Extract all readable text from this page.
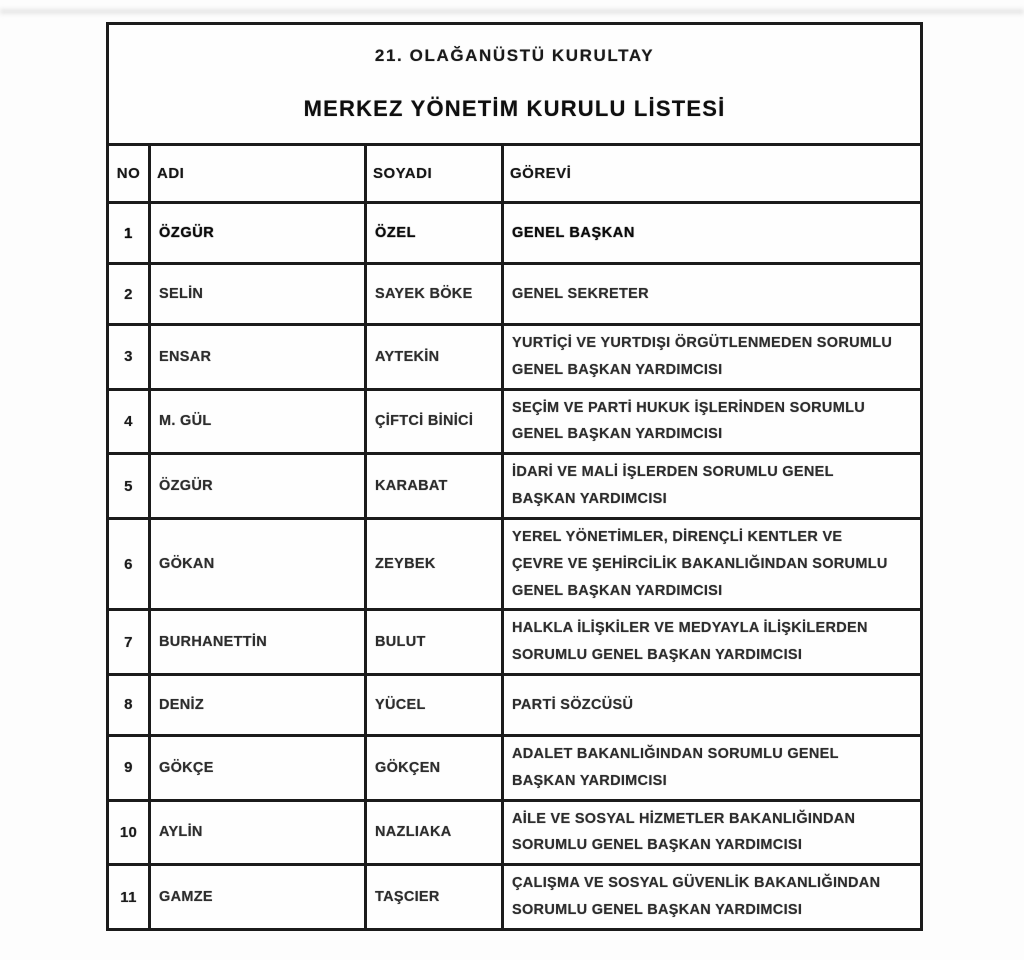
21. OLAĞANÜSTÜ KURULTAY
MERKEZ YÖNETİM KURULU LİSTESİ			

NO	ADI	SOYADI	GÖREVİ
1	ÖZGÜR	ÖZEL	GENEL BAŞKAN
2	SELİN	SAYEK BÖKE	GENEL SEKRETER
3	ENSAR	AYTEKİN	YURTİÇİ VE YURTDIŞI ÖRGÜTLENMEDEN SORUMLU GENEL BAŞKAN YARDIMCISI
4	M. GÜL	ÇİFTCİ BİNİCİ	SEÇİM VE PARTİ HUKUK İŞLERİNDEN SORUMLU GENEL BAŞKAN YARDIMCISI
5	ÖZGÜR	KARABAT	İDARİ VE MALİ İŞLERDEN SORUMLU GENEL BAŞKAN YARDIMCISI
6	GÖKAN	ZEYBEK	YEREL YÖNETİMLER, DİRENÇLİ KENTLER VE ÇEVRE VE ŞEHİRCİLİK BAKANLIĞINDAN SORUMLU GENEL BAŞKAN YARDIMCISI
7	BURHANETTİN	BULUT	HALKLA İLİŞKİLER VE MEDYAYLA İLİŞKİLERDEN SORUMLU GENEL BAŞKAN YARDIMCISI
8	DENİZ	YÜCEL	PARTİ SÖZCÜSÜ
9	GÖKÇE	GÖKÇEN	ADALET BAKANLIĞINDAN SORUMLU GENEL BAŞKAN YARDIMCISI
10	AYLİN	NAZLIAKA	AİLE VE SOSYAL HİZMETLER BAKANLIĞINDAN SORUMLU GENEL BAŞKAN YARDIMCISI
11	GAMZE	TAŞCIER	ÇALIŞMA VE SOSYAL GÜVENLİK BAKANLIĞINDAN SORUMLU GENEL BAŞKAN YARDIMCISI
